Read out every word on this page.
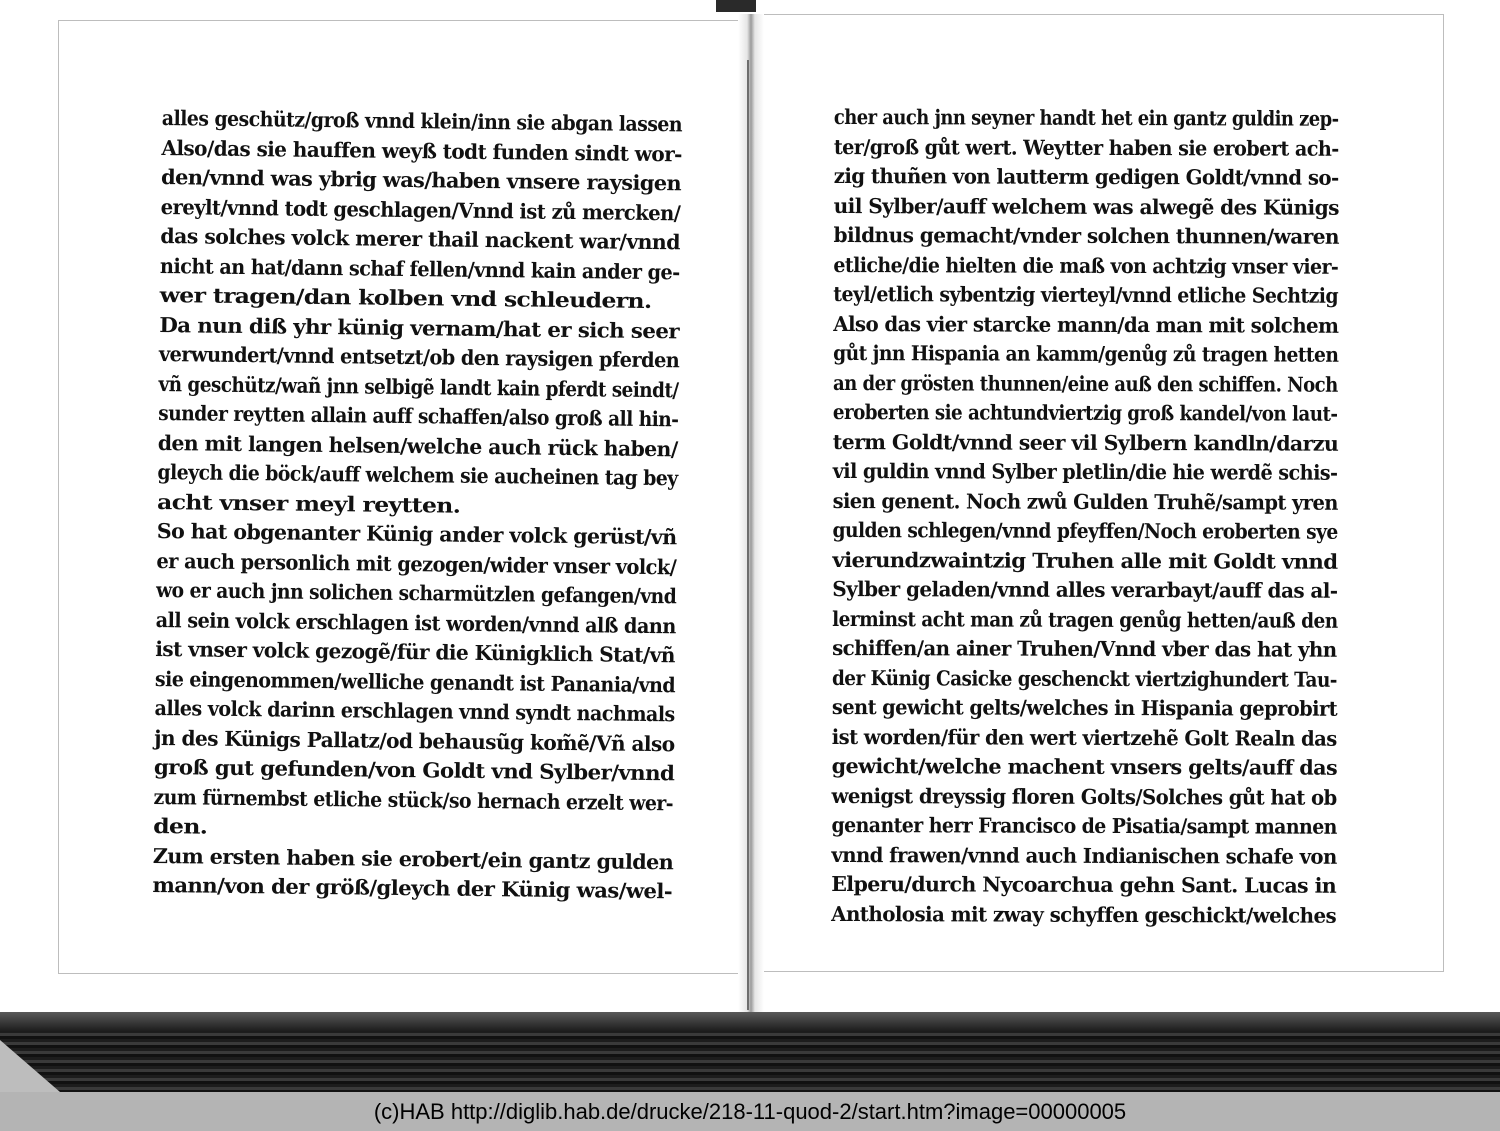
alles geschütz/groß vnnd klein/inn sie abgan lassen
Also/das sie hauffen weyß todt funden sindt wor-
den/vnnd was ybrig was/haben vnsere raysigen
ereylt/vnnd todt geschlagen/Vnnd ist zů mercken/
das solches volck merer thail nackent war/vnnd
nicht an hat/dann schaf fellen/vnnd kain ander ge-
wer tragen/dan kolben vnd schleudern.
Da nun diß yhr künig vernam/hat er sich seer
verwundert/vnnd entsetzt/ob den raysigen pferden
vñ geschütz/wañ jnn selbigẽ landt kain pferdt seindt/
sunder reytten allain auff schaffen/also groß all hin-
den mit langen helsen/welche auch rück haben/
gleych die böck/auff welchem sie aucheinen tag bey
acht vnser meyl reytten.
So hat obgenanter Künig ander volck gerüst/vñ
er auch personlich mit gezogen/wider vnser volck/
wo er auch jnn solichen scharmützlen gefangen/vnd
all sein volck erschlagen ist worden/vnnd alß dann
ist vnser volck gezogẽ/für die Künigklich Stat/vñ
sie eingenommen/welliche genandt ist Panania/vnd
alles volck darinn erschlagen vnnd syndt nachmals
jn des Künigs Pallatz/od behausũg kom̃ẽ/Vñ also
groß gut gefunden/von Goldt vnd Sylber/vnnd
zum fürnembst etliche stück/so hernach erzelt wer-
den.
Zum ersten haben sie erobert/ein gantz gulden
mann/von der größ/gleych der Künig was/wel-
cher auch jnn seyner handt het ein gantz guldin zep-
ter/groß gůt wert. Weytter haben sie erobert ach-
zig thuñen von lautterm gedigen Goldt/vnnd so-
uil Sylber/auff welchem was alwegẽ des Künigs
bildnus gemacht/vnder solchen thunnen/waren
etliche/die hielten die maß von achtzig vnser vier-
teyl/etlich sybentzig vierteyl/vnnd etliche Sechtzig
Also das vier starcke mann/da man mit solchem
gůt jnn Hispania an kamm/genůg zů tragen hetten
an der grösten thunnen/eine auß den schiffen. Noch
eroberten sie achtundviertzig groß kandel/von laut-
term Goldt/vnnd seer vil Sylbern kandln/darzu
vil guldin vnnd Sylber pletlin/die hie werdẽ schis-
sien genent. Noch zwů Gulden Truhẽ/sampt yren
gulden schlegen/vnnd pfeyffen/Noch eroberten sye
vierundzwaintzig Truhen alle mit Goldt vnnd
Sylber geladen/vnnd alles verarbayt/auff das al-
lerminst acht man zů tragen genůg hetten/auß den
schiffen/an ainer Truhen/Vnnd vber das hat yhn
der Künig Casicke geschenckt viertzighundert Tau-
sent gewicht gelts/welches in Hispania geprobirt
ist worden/für den wert viertzehẽ Golt Realn das
gewicht/welche machent vnsers gelts/auff das
wenigst dreyssig floren Golts/Solches gůt hat ob
genanter herr Francisco de Pisatia/sampt mannen
vnnd frawen/vnnd auch Indianischen schafe von
Elperu/durch Nycoarchua gehn Sant. Lucas in
Antholosia mit zway schyffen geschickt/welches
(c)HAB http://diglib.hab.de/drucke/218-11-quod-2/start.htm?image=00000005
